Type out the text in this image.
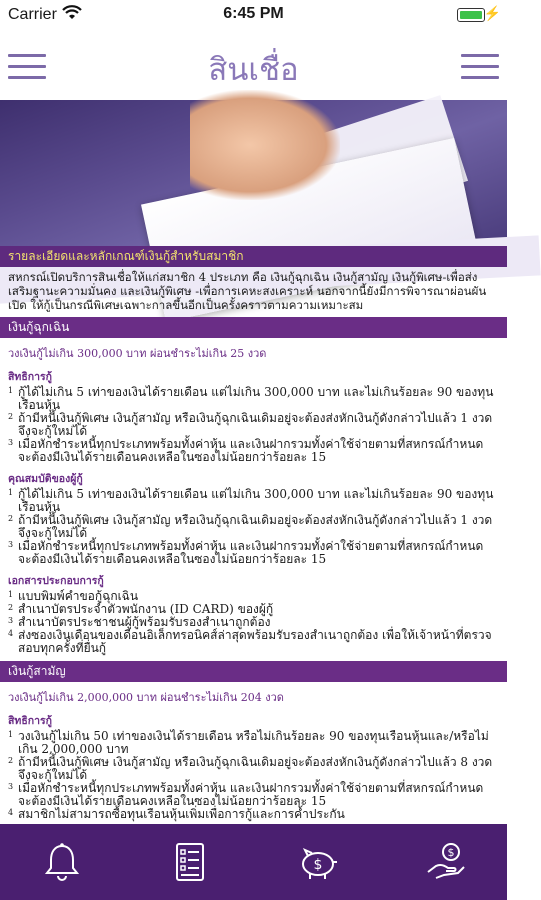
Carrier	6:45 PM	⚡
สินเชื่อ
รายละเอียดและหลักเกณฑ์เงินกู้สำหรับสมาชิก
สหกรณ์เปิดบริการสินเชื่อให้แก่สมาชิก 4 ประเภท คือ เงินกู้ฉุกเฉิน เงินกู้สามัญ เงินกู้พิเศษ-เพื่อส่งเสริมฐานะความมั่นคง และเงินกู้พิเศษ -เพื่อการเคหะสงเคราะห์ นอกจากนี้ยังมีการพิจารณาผ่อนผัน เปิด ให้กู้เป็นกรณีพิเศษเฉพาะกาลขึ้นอีกเป็นครั้งคราวตามความเหมาะสม
เงินกู้ฉุกเฉิน
วงเงินกู้ไม่เกิน 300,000 บาท ผ่อนชำระไม่เกิน 25 งวด
สิทธิการกู้

1 กู้ได้ไม่เกิน 5 เท่าของเงินได้รายเดือน แต่ไม่เกิน 300,000 บาท และไม่เกินร้อยละ 90 ของทุนเรือนหุ้น

2 ถ้ามีหนี้เงินกู้พิเศษ เงินกู้สามัญ หรือเงินกู้ฉุกเฉินเดิมอยู่จะต้องส่งหักเงินกู้ดังกล่าวไปแล้ว 1 งวด จึงจะกู้ใหม่ได้

3 เมื่อหักชำระหนี้ทุกประเภทพร้อมทั้งค่าหุ้น และเงินฝากรวมทั้งค่าใช้จ่ายตามที่สหกรณ์กำหนด จะต้องมีเงินได้รายเดือนคงเหลือในซองไม่น้อยกว่าร้อยละ 15

คุณสมบัติของผู้กู้

1 กู้ได้ไม่เกิน 5 เท่าของเงินได้รายเดือน แต่ไม่เกิน 300,000 บาท และไม่เกินร้อยละ 90 ของทุนเรือนหุ้น

2 ถ้ามีหนี้เงินกู้พิเศษ เงินกู้สามัญ หรือเงินกู้ฉุกเฉินเดิมอยู่จะต้องส่งหักเงินกู้ดังกล่าวไปแล้ว 1 งวด จึงจะกู้ใหม่ได้

3 เมื่อหักชำระหนี้ทุกประเภทพร้อมทั้งค่าหุ้น และเงินฝากรวมทั้งค่าใช้จ่ายตามที่สหกรณ์กำหนด จะต้องมีเงินได้รายเดือนคงเหลือในซองไม่น้อยกว่าร้อยละ 15

เอกสารประกอบการกู้

1 แบบพิมพ์คำขอกู้ฉุกเฉิน

2 สำเนาบัตรประจำตัวพนักงาน (ID CARD) ของผู้กู้

3 สำเนาบัตรประชาชนผู้กู้พร้อมรับรองสำเนาถูกต้อง

4 ส่งซองเงินเดือนของเดือนอิเล็กทรอนิคส์ล่าสุดพร้อมรับรองสำเนาถูกต้อง เพื่อให้เจ้าหน้าที่ตรวจสอบทุกครั้งที่ยื่นกู้

เงินกู้สามัญ
วงเงินกู้ไม่เกิน 2,000,000 บาท ผ่อนชำระไม่เกิน 204 งวด
สิทธิการกู้

1 วงเงินกู้ไม่เกิน 50 เท่าของเงินได้รายเดือน หรือไม่เกินร้อยละ 90 ของทุนเรือนหุ้นและ/หรือไม่เกิน 2,000,000 บาท

2 ถ้ามีหนี้เงินกู้พิเศษ เงินกู้สามัญ หรือเงินกู้ฉุกเฉินเดิมอยู่จะต้องส่งหักเงินกู้ดังกล่าวไปแล้ว 8 งวด จึงจะกู้ใหม่ได้

3 เมื่อหักชำระหนี้ทุกประเภทพร้อมทั้งค่าหุ้น และเงินฝากรวมทั้งค่าใช้จ่ายตามที่สหกรณ์กำหนด จะต้องมีเงินได้รายเดือนคงเหลือในซองไม่น้อยกว่าร้อยละ 15

4 สมาชิกไม่สามารถซื้อทุนเรือนหุ้นเพิ่มเพื่อการกู้และการค้ำประกัน

$
$
